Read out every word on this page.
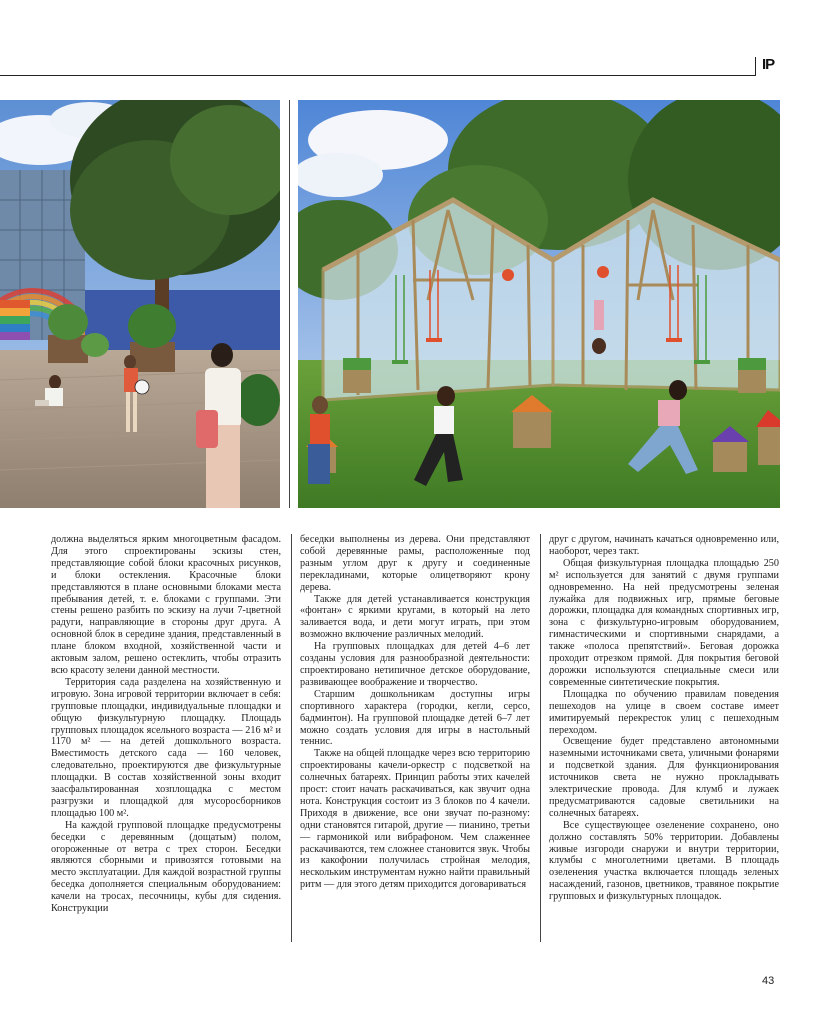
IP

должна выделяться ярким многоцветным фасадом. Для этого спроектированы эскизы стен, представляющие собой блоки красочных рисунков, и блоки остекления. Красочные блоки представляются в плане основными блоками места пребывания детей, т. е. блоками с группами. Эти стены решено разбить по эскизу на лучи 7-цветной радуги, направляющие в стороны друг друга. А основной блок в середине здания, представленный в плане блоком входной, хозяйственной части и актовым залом, решено остеклить, чтобы отразить всю красоту зелени данной местности.

Территория сада разделена на хозяйственную и игровую. Зона игровой территории включает в себя: групповые площадки, индивидуальные площадки и общую физкультурную площадку. Площадь групповых площадок ясельного возраста — 216 м² и 1170 м² — на детей дошкольного возраста. Вместимость детского сада — 160 человек, следовательно, проектируются две физкультурные площадки. В состав хозяйственной зоны входит заасфальтированная хозплощадка с местом разгрузки и площадкой для мусоросборников площадью 100 м².

На каждой групповой площадке предусмотрены беседки с деревянным (дощатым) полом, огороженные от ветра с трех сторон. Беседки являются сборными и привозятся готовыми на место эксплуатации. Для каждой возрастной группы беседка дополняется специальным оборудованием: качели на тросах, песочницы, кубы для сидения. Конструкции

беседки выполнены из дерева. Они представляют собой деревянные рамы, расположенные под разным углом друг к другу и соединенные перекладинами, которые олицетворяют крону дерева.

Также для детей устанавливается конструкция «фонтан» с яркими кругами, в который на лето заливается вода, и дети могут играть, при этом возможно включение различных мелодий.

На групповых площадках для детей 4–6 лет созданы условия для разнообразной деятельности: спроектировано нетипичное детское оборудование, развивающее воображение и творчество.

Старшим дошкольникам доступны игры спортивного характера (городки, кегли, серсо, бадминтон). На групповой площадке детей 6–7 лет можно создать условия для игры в настольный теннис.

Также на общей площадке через всю территорию спроектированы качели-оркестр с подсветкой на солнечных батареях. Принцип работы этих качелей прост: стоит начать раскачиваться, как звучит одна нота. Конструкция состоит из 3 блоков по 4 качели. Приходя в движение, все они звучат по-разному: одни становятся гитарой, другие — пианино, третьи — гармоникой или вибрафоном. Чем слаженнее раскачиваются, тем сложнее становится звук. Чтобы из какофонии получилась стройная мелодия, нескольким инструментам нужно найти правильный ритм — для этого детям приходится договариваться

друг с другом, начинать качаться одновременно или, наоборот, через такт.

Общая физкультурная площадка площадью 250 м² используется для занятий с двумя группами одновременно. На ней предусмотрены зеленая лужайка для подвижных игр, прямые беговые дорожки, площадка для командных спортивных игр, зона с физкультурно-игровым оборудованием, гимнастическими и спортивными снарядами, а также «полоса препятствий». Беговая дорожка проходит отрезком прямой. Для покрытия беговой дорожки используются специальные смеси или современные синтетические покрытия.

Площадка по обучению правилам поведения пешеходов на улице в своем составе имеет имитируемый перекресток улиц с пешеходным переходом.

Освещение будет представлено автономными наземными источниками света, уличными фонарями и подсветкой здания. Для функционирования источников света не нужно прокладывать электрические провода. Для клумб и лужаек предусматриваются садовые светильники на солнечных батареях.

Все существующее озеленение сохранено, оно должно составлять 50% территории. Добавлены живые изгороди снаружи и внутри территории, клумбы с многолетними цветами. В площадь озеленения участка включается площадь зеленых насаждений, газонов, цветников, травяное покрытие групповых и физкультурных площадок.

43
